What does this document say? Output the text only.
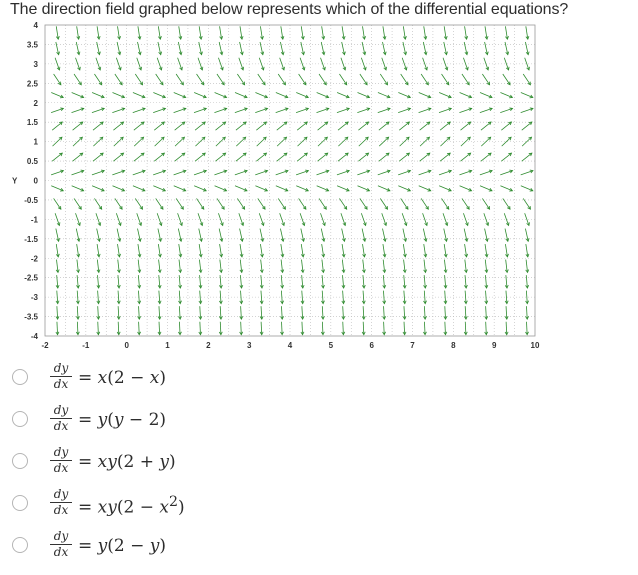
The direction field graphed below represents which of the differential equations?
4
3.5
3
2.5
2
1.5
1
0.5
0
-0.5
-1
-1.5
-2
-2.5
-3
-3.5
-4
Y
-2	-1	0	1	2	3	4	5	6	7	8	9	10
dy
dx = x(2 − x)
dy
dx = y(y − 2)
dy
dx = xy(2 + y)
dy
dx = $xy(2 - x^2)$
dy
dx = y(2 − y)
